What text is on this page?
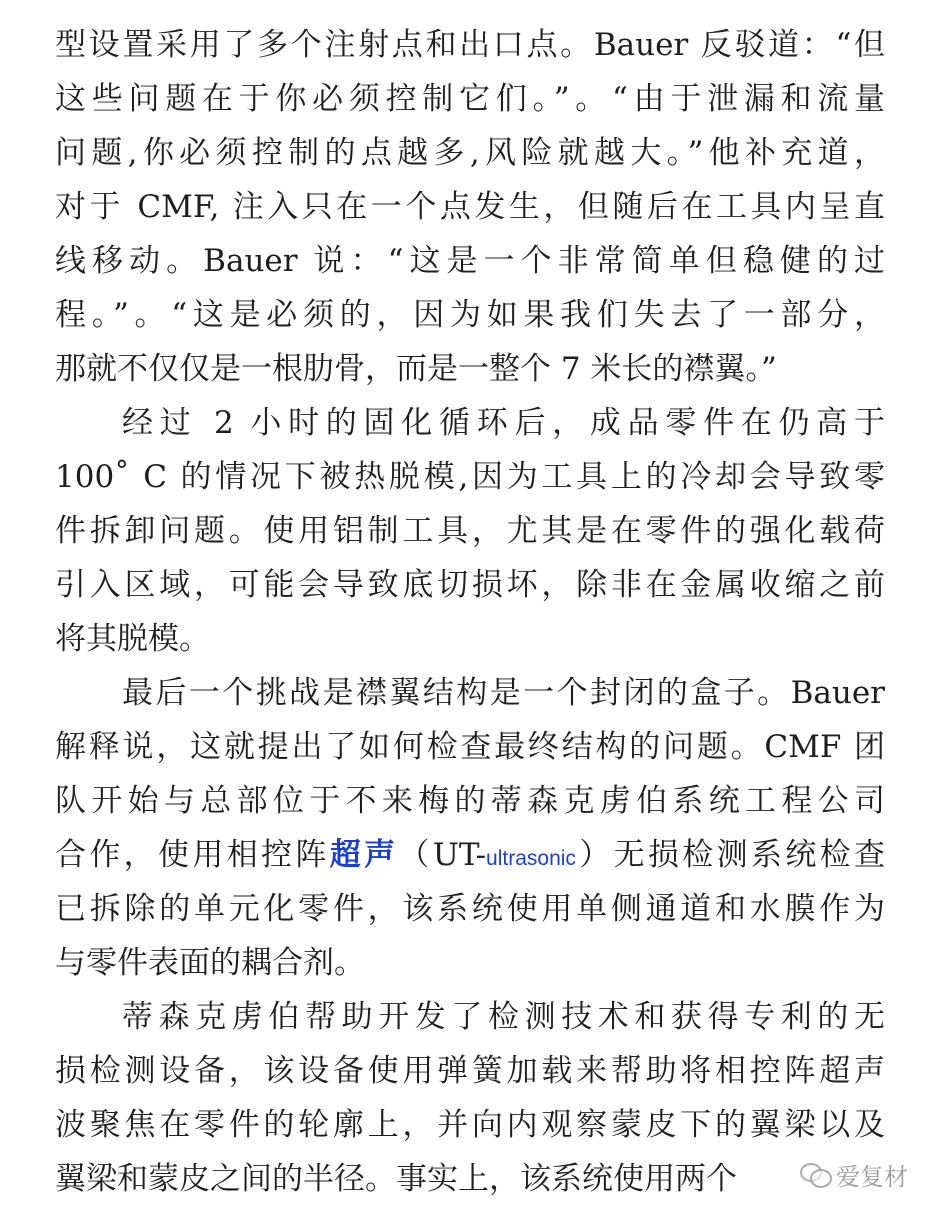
型设置采用了多个注射点和出口点。Bauer 反驳道：“但
这些问题在于你必须控制它们。”。“由于泄漏和流量
问题,你必须控制的点越多,风险就越大。”他补充道，
对于 CMF, 注入只在一个点发生，但随后在工具内呈直
线移动。Bauer 说：“这是一个非常简单但稳健的过
程。”。“这是必须的，因为如果我们失去了一部分，
那就不仅仅是一根肋骨，而是一整个 7 米长的襟翼。”
经过 2 小时的固化循环后，成品零件在仍高于
100˚ C 的情况下被热脱模,因为工具上的冷却会导致零
件拆卸问题。使用铝制工具，尤其是在零件的强化载荷
引入区域，可能会导致底切损坏，除非在金属收缩之前
将其脱模。
最后一个挑战是襟翼结构是一个封闭的盒子。Bauer
解释说，这就提出了如何检查最终结构的问题。CMF 团
队开始与总部位于不来梅的蒂森克虏伯系统工程公司
合作，使用相控阵超声（UT-ultrasonic）无损检测系统检查
已拆除的单元化零件，该系统使用单侧通道和水膜作为
与零件表面的耦合剂。
蒂森克虏伯帮助开发了检测技术和获得专利的无
损检测设备，该设备使用弹簧加载来帮助将相控阵超声
波聚焦在零件的轮廓上，并向内观察蒙皮下的翼梁以及
翼梁和蒙皮之间的半径。事实上，该系统使用两个	爱复材
